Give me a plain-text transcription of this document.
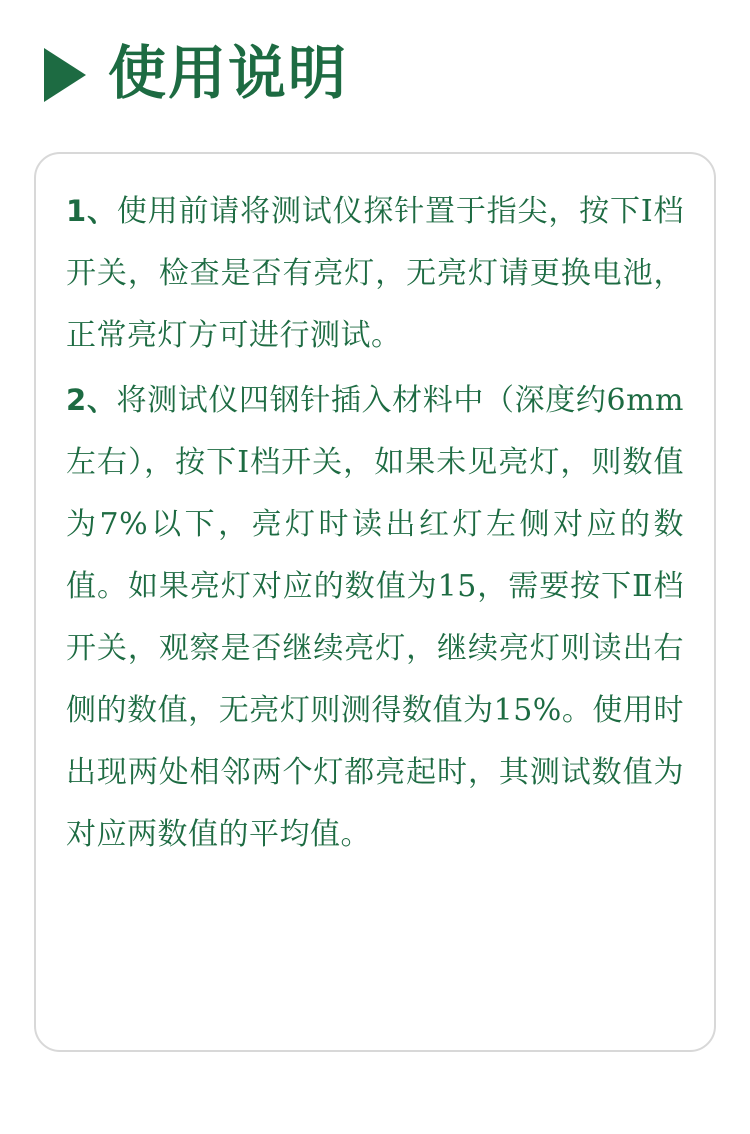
使用说明

1、使用前请将测试仪探针置于指尖，按下Ⅰ档开关，检查是否有亮灯，无亮灯请更换电池，正常亮灯方可进行测试。

2、将测试仪四钢针插入材料中（深度约6mm左右），按下Ⅰ档开关，如果未见亮灯，则数值为7%以下，亮灯时读出红灯左侧对应的数值。如果亮灯对应的数值为15，需要按下Ⅱ档开关，观察是否继续亮灯，继续亮灯则读出右侧的数值，无亮灯则测得数值为15%。使用时出现两处相邻两个灯都亮起时，其测试数值为对应两数值的平均值。
